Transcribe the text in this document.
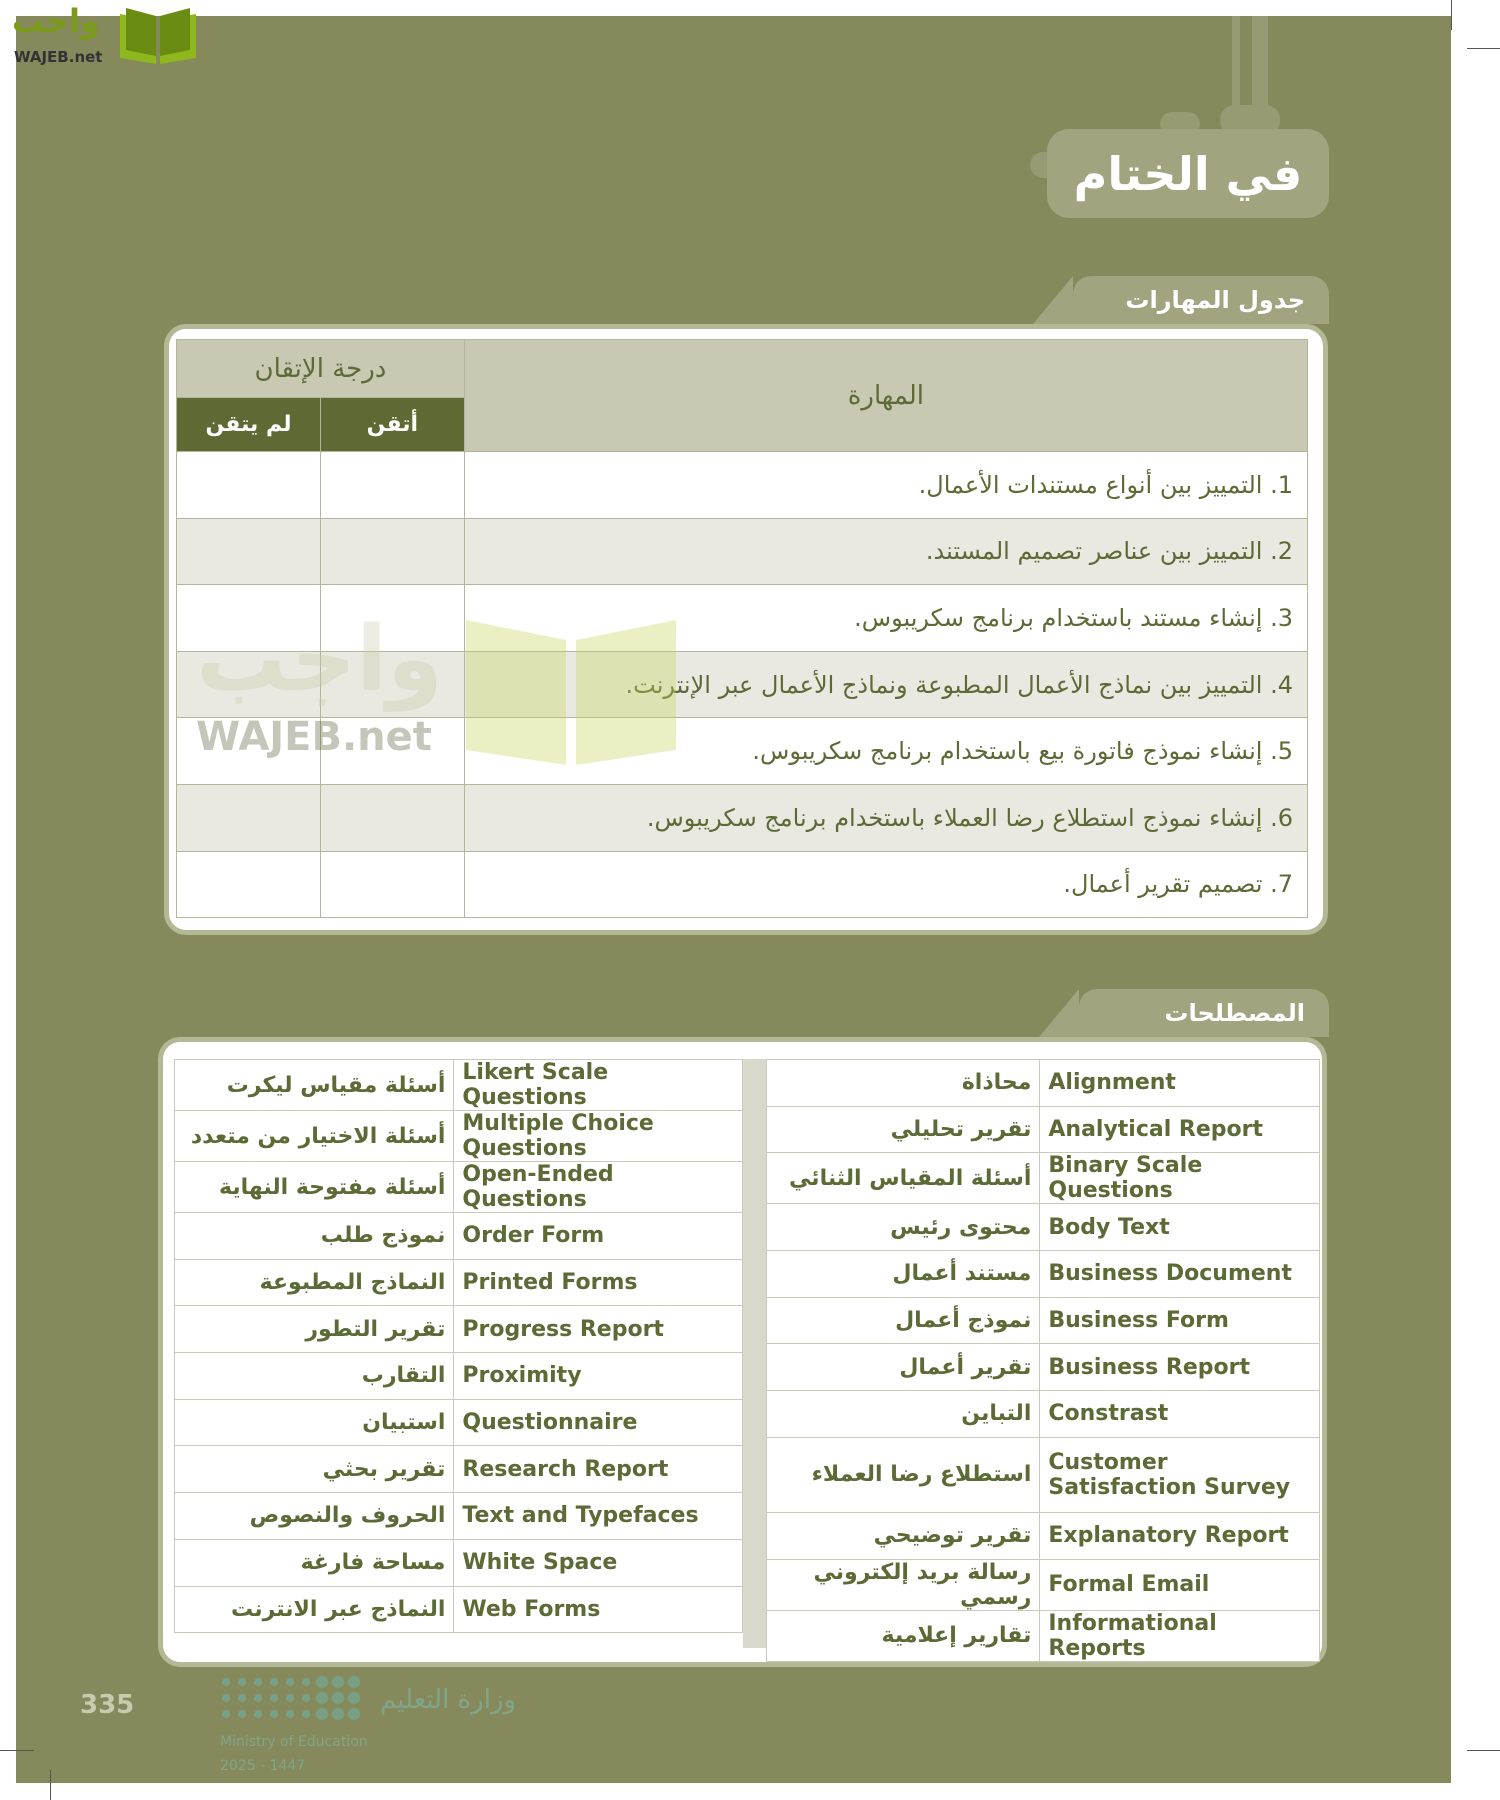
واجب
WAJEB.net
في الختام
جدول المهارات
المهارة	درجة الإتقان	
	أتقن	لم يتقن
1. التمييز بين أنواع مستندات الأعمال.		
2. التمييز بين عناصر تصميم المستند.		
3. إنشاء مستند باستخدام برنامج سكريبوس.		
4. التمييز بين نماذج الأعمال المطبوعة ونماذج الأعمال عبر الإنترنت.		
5. إنشاء نموذج فاتورة بيع باستخدام برنامج سكريبوس.		
6. إنشاء نموذج استطلاع رضا العملاء باستخدام برنامج سكريبوس.		
7. تصميم تقرير أعمال.		
واجب
WAJEB.net
المصطلحات
Likert Scale Questions	أسئلة مقياس ليكرت
Multiple Choice Questions	أسئلة الاختيار من متعدد
Open-Ended Questions	أسئلة مفتوحة النهاية
Order Form	نموذج طلب
Printed Forms	النماذج المطبوعة
Progress Report	تقرير التطور
Proximity	التقارب
Questionnaire	استبيان
Research Report	تقرير بحثي
Text and Typefaces	الحروف والنصوص
White Space	مساحة فارغة
Web Forms	النماذج عبر الانترنت
Alignment	محاذاة
Analytical Report	تقرير تحليلي
Binary Scale Questions	أسئلة المقياس الثنائي
Body Text	محتوى رئيس
Business Document	مستند أعمال
Business Form	نموذج أعمال
Business Report	تقرير أعمال
Constrast	التباين
Customer Satisfaction Survey	استطلاع رضا العملاء
Explanatory Report	تقرير توضيحي
Formal Email	رسالة بريد إلكتروني رسمي
Informational Reports	تقارير إعلامية
وزارة التعليم
Ministry of Education
2025 - 1447
335
